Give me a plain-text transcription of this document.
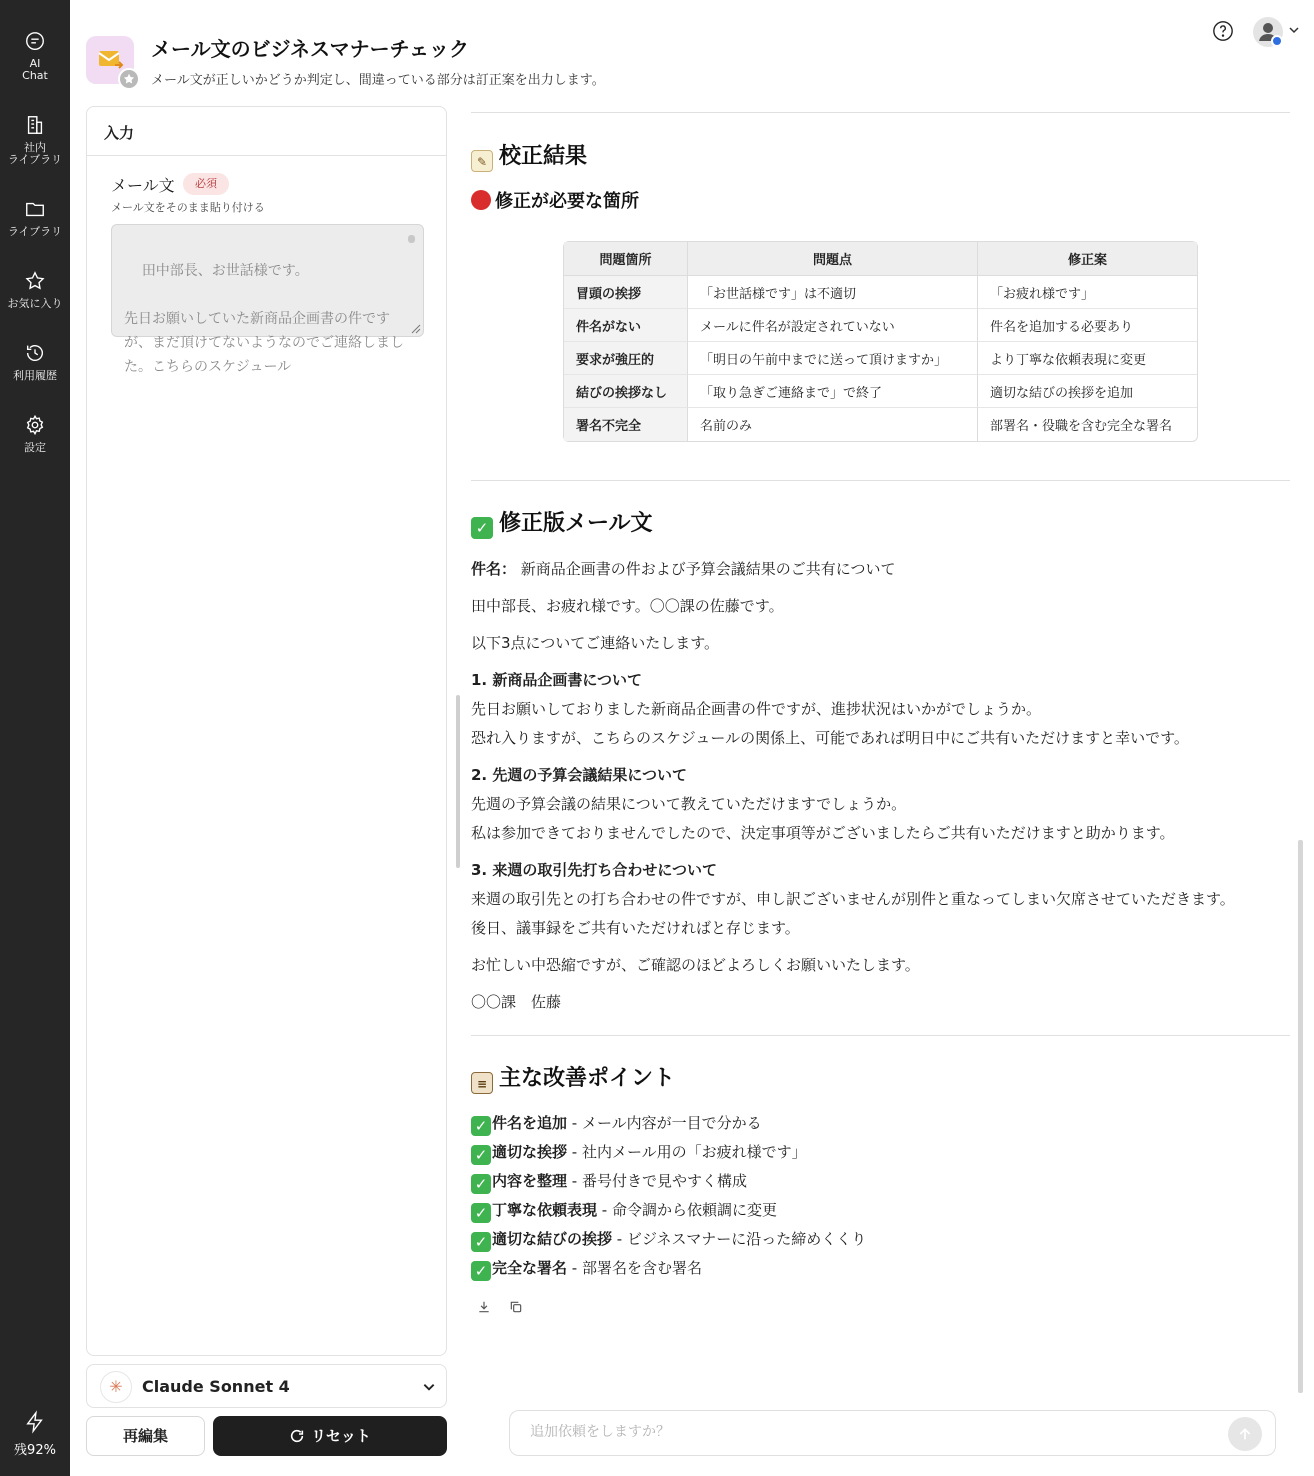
AI
Chat
社内
ライブラリ
ライブラリ
お気に入り
利用履歴
設定
残92%
メール文のビジネスマナーチェック
メール文が正しいかどうか判定し、間違っている部分は訂正案を出力します。
入力
メール文	必須
メール文をそのまま貼り付ける

田中部長、お世話様です。

先日お願いしていた新商品企画書の件ですが、まだ頂けてないようなのでご連絡しました。こちらのスケジュール

✳	Claude Sonnet 4
再編集	リセット
✎ 校正結果
修正が必要な箇所
問題箇所	問題点	修正案
冒頭の挨拶	「お世話様です」は不適切	「お疲れ様です」
件名がない	メールに件名が設定されていない	件名を追加する必要あり
要求が強圧的	「明日の午前中までに送って頂けますか」	より丁寧な依頼表現に変更
結びの挨拶なし	「取り急ぎご連絡まで」で終了	適切な結びの挨拶を追加
署名不完全	名前のみ	部署名・役職を含む完全な署名
✓ 修正版メール文
件名： 新商品企画書の件および予算会議結果のご共有について
田中部長、お疲れ様です。〇〇課の佐藤です。
以下3点についてご連絡いたします。
1. 新商品企画書について
先日お願いしておりました新商品企画書の件ですが、進捗状況はいかがでしょうか。
恐れ入りますが、こちらのスケジュールの関係上、可能であれば明日中にご共有いただけますと幸いです。
2. 先週の予算会議結果について
先週の予算会議の結果について教えていただけますでしょうか。
私は参加できておりませんでしたので、決定事項等がございましたらご共有いただけますと助かります。
3. 来週の取引先打ち合わせについて
来週の取引先との打ち合わせの件ですが、申し訳ございませんが別件と重なってしまい欠席させていただきます。
後日、議事録をご共有いただければと存じます。
お忙しい中恐縮ですが、ご確認のほどよろしくお願いいたします。
〇〇課　佐藤
≡ 主な改善ポイント
✓ 件名を追加 - メール内容が一目で分かる
✓ 適切な挨拶 - 社内メール用の「お疲れ様です」
✓ 内容を整理 - 番号付きで見やすく構成
✓ 丁寧な依頼表現 - 命令調から依頼調に変更
✓ 適切な結びの挨拶 - ビジネスマナーに沿った締めくくり
✓ 完全な署名 - 部署名を含む署名
追加依頼をしますか？
